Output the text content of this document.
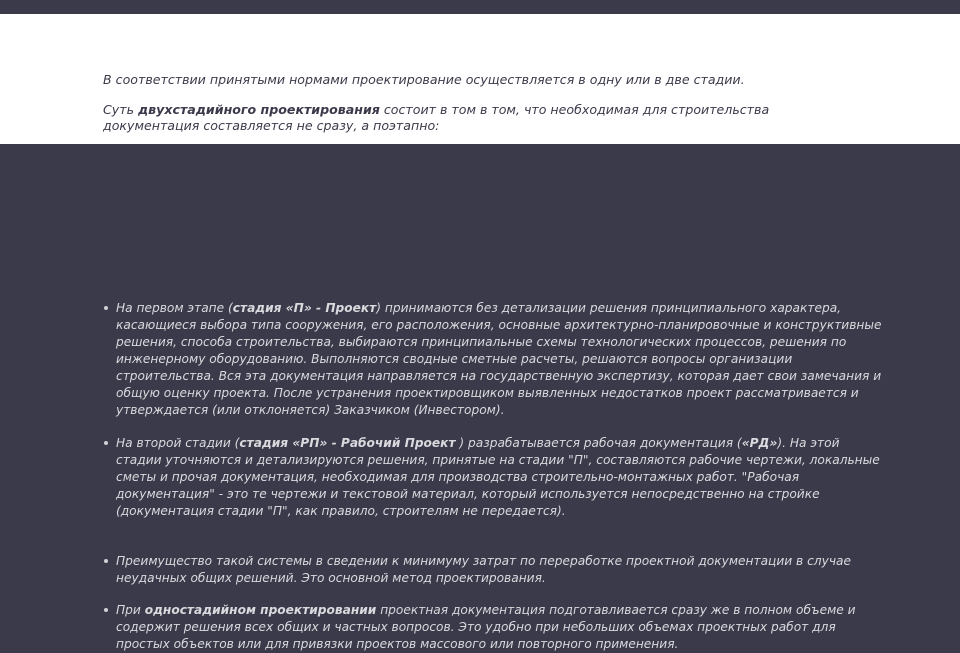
В соответствии принятыми нормами проектирование осуществляется в одну или в две стадии.

Суть двухстадийного проектирования состоит в том в том, что необходимая для строительства документация составляется не сразу, а поэтапно:

На первом этапе (стадия «П» - Проект) принимаются без детализации решения принципиального характера, касающиеся выбора типа сооружения, его расположения, основные архитектурно-планировочные и конструктивные решения, способа строительства, выбираются принципиальные схемы технологических процессов, решения по инженерному оборудованию. Выполняются сводные сметные расчеты, решаются вопросы организации строительства. Вся эта документация направляется на государственную экспертизу, которая дает свои замечания и общую оценку проекта. После устранения проектировщиком выявленных недостатков проект рассматривается и утверждается (или отклоняется) Заказчиком (Инвестором).
На второй стадии (стадия «РП» - Рабочий Проект ) разрабатывается рабочая документация («РД»). На этой стадии уточняются и детализируются решения, принятые на стадии "П", составляются рабочие чертежи, локальные сметы и прочая документация, необходимая для производства строительно-монтажных работ. "Рабочая документация" - это те чертежи и текстовой материал, который используется непосредственно на стройке (документация стадии "П", как правило, строителям не передается).
Преимущество такой системы в сведении к минимуму затрат по переработке проектной документации в случае неудачных общих решений. Это основной метод проектирования.
При одностадийном проектировании проектная документация подготавливается сразу же в полном объеме и содержит решения всех общих и частных вопросов. Это удобно при небольших объемах проектных работ для простых объектов или для привязки проектов массового или повторного применения.
